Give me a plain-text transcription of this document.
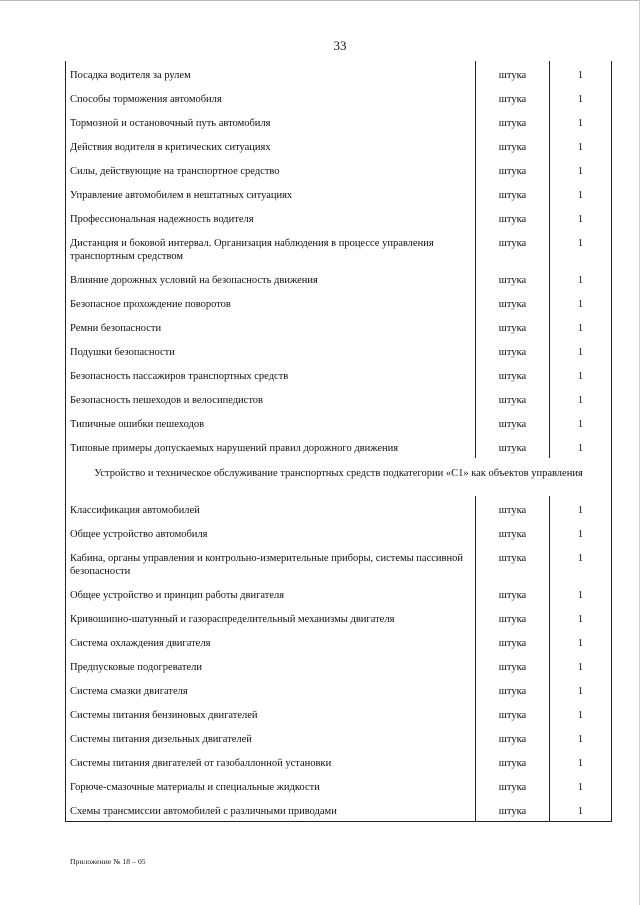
33
Посадка водителя за рулем	штука	1
Способы торможения автомобиля	штука	1
Тормозной и остановочный путь автомобиля	штука	1
Действия водителя в критических ситуациях	штука	1
Силы, действующие на транспортное средство	штука	1
Управление автомобилем в нештатных ситуациях	штука	1
Профессиональная надежность водителя	штука	1
Дистанция и боковой интервал. Организация наблюдения в процессе управления транспортным средством	штука	1
Влияние дорожных условий на безопасность движения	штука	1
Безопасное прохождение поворотов	штука	1
Ремни безопасности	штука	1
Подушки безопасности	штука	1
Безопасность пассажиров транспортных средств	штука	1
Безопасность пешеходов и велосипедистов	штука	1
Типичные ошибки пешеходов	штука	1
Типовые примеры допускаемых нарушений правил дорожного движения	штука	1
Устройство и техническое обслуживание транспортных средств подкатегории «С1» как объектов управления		
Классификация автомобилей	штука	1
Общее устройство автомобиля	штука	1
Кабина, органы управления и контрольно-измерительные приборы, системы пассивной безопасности	штука	1
Общее устройство и принцип работы двигателя	штука	1
Кривошипно-шатунный и газораспределительный механизмы двигателя	штука	1
Система охлаждения двигателя	штука	1
Предпусковые подогреватели	штука	1
Система смазки двигателя	штука	1
Системы питания бензиновых двигателей	штука	1
Системы питания дизельных двигателей	штука	1
Системы питания двигателей от газобаллонной установки	штука	1
Горюче-смазочные материалы и специальные жидкости	штука	1
Схемы трансмиссии автомобилей с различными приводами	штука	1
Приложение № 18 – 05
